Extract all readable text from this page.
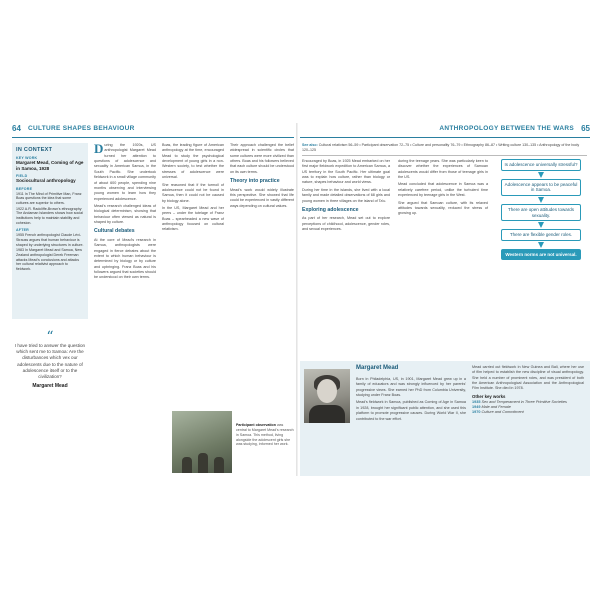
64 CULTURE SHAPES BEHAVIOUR
IN CONTEXT
KEY WORK
Margaret Mead, Coming of Age in Samoa, 1928
FIELD
Sociocultural anthropology
BEFORE
1911 In The Mind of Primitive Man, Franz Boas questions the idea that some cultures are superior to others.
1922 A.R. Radcliffe-Brown's ethnography The Andaman Islanders shows how social institutions help to maintain stability and cohesion.
AFTER
1955 French anthropologist Claude Lévi-Strauss argues that human behaviour is shaped by underlying structures in culture.
1983 In Margaret Mead and Samoa, New Zealand anthropologist Derek Freeman attacks Mead's conclusions and attacks her cultural relativist approach to fieldwork.
“
I have tried to answer the question which sent me to Samoa: Are the disturbances which vex our adolescents due to the nature of adolescence itself or to the civilization?
Margaret Mead

During the 1920s, US anthropologist Margaret Mead turned her attention to questions of adolescence and sexuality in American Samoa, in the South Pacific. She undertook fieldwork in a small village community of about 600 people, spending nine months observing and interviewing young women to learn how they experienced adolescence.

Mead's research challenged ideas of biological determinism, showing that behaviour often viewed as natural is shaped by culture.

Cultural debates

At the core of Mead's research in Samoa, anthropologists were engaged in fierce debates about the extent to which human behaviour is determined by biology or by culture and upbringing. Franz Boas and his followers argued that societies should be understood on their own terms.

Boas, the leading figure of American anthropology at the time, encouraged Mead to study the psychological development of young girls in a non-Western society, to test whether the stresses of adolescence were universal.

She reasoned that if the turmoil of adolescence could not be found in Samoa, then it could not be caused by biology alone.

In the US, Margaret Mead and her peers – under the tutelage of Franz Boas – spearheaded a new wave of anthropology focused on cultural relativism.

Their approach challenged the belief widespread in scientific circles that some cultures were more civilized than others. Boas and his followers believed that each culture should be understood on its own terms.

Theory into practice

Mead's work would widely illustrate this perspective. She showed that life could be experienced in vastly different ways depending on cultural values.

Participant observation was central to Margaret Mead's research in Samoa. This method, living alongside the adolescent girls she was studying, informed her work.
ANTHROPOLOGY BETWEEN THE WARS 65
See also: Cultural relativism 56–59 • Participant observation 72–75 • Culture and personality 76–79 • Ethnography 86–87 • Writing culture 130–135 • Anthropology of the body 120–125

Encouraged by Boas, in 1925 Mead embarked on her first major fieldwork expedition to American Samoa, a US territory in the South Pacific. Her ultimate goal was to explain how culture, rather than biology or nature, shapes behaviour and world views.

During her time in the islands, she lived with a local family and made detailed observations of 68 girls and young women in three villages on the island of Ta'u.

Exploring adolescence

As part of her research, Mead set out to explore perceptions of childhood, adolescence, gender roles, and sexual experiences.

during the teenage years. She was particularly keen to discover whether the experiences of Samoan adolescents would differ from those of teenage girls in the US.

Mead concluded that adolescence in Samoa was a relatively carefree period, unlike the turbulent time experienced by teenage girls in the West.

She argued that Samoan culture, with its relaxed attitudes towards sexuality, reduced the stress of growing up.

Is adolescence universally stressful?
Adolescence appears to be peaceful in Samoa.
There are open attitudes towards sexuality.
There are flexible gender roles.
Western norms are not universal.
Margaret Mead

Born in Philadelphia, US, in 1901, Margaret Mead grew up in a family of educators and was strongly influenced by her parents' progressive views. She earned her PhD from Columbia University, studying under Franz Boas.

Mead's fieldwork in Samoa, published as Coming of Age in Samoa in 1928, brought her significant public attention, and she used this platform to promote progressive causes. During World War II, she contributed to the war effort.

Mead carried out fieldwork in New Guinea and Bali, where her use of film helped to establish the new discipline of visual anthropology. She held a number of prominent roles, and was president of both the American Anthropological Association and the Anthropological Film Institute. She died in 1978.

Other key works
1935 Sex and Temperament in Three Primitive Societies
1949 Male and Female
1970 Culture and Commitment
